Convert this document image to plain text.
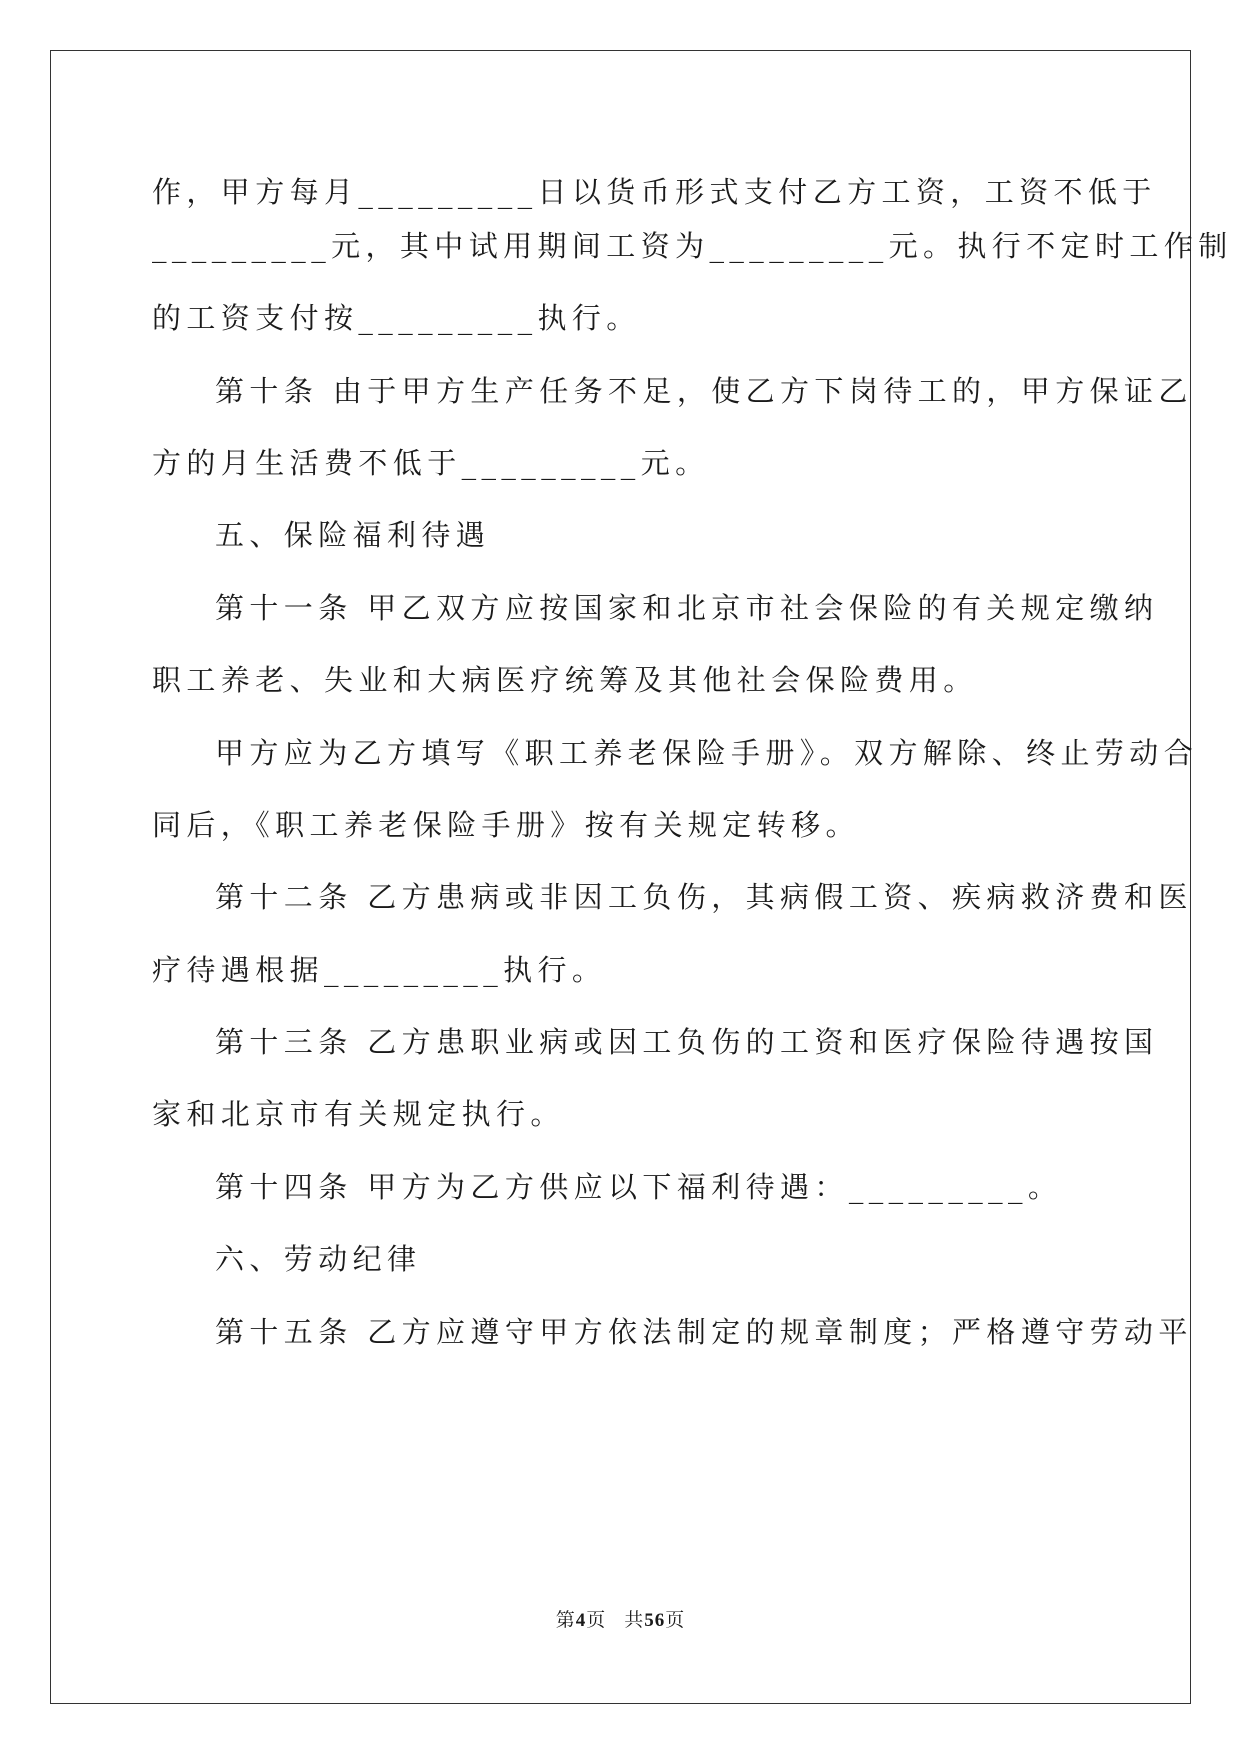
作，甲方每月_________日以货币形式支付乙方工资，工资不低于
_________元，其中试用期间工资为_________元。执行不定时工作制
的工资支付按_________执行。
第十条 由于甲方生产任务不足，使乙方下岗待工的，甲方保证乙
方的月生活费不低于_________元。
五、保险福利待遇
第十一条 甲乙双方应按国家和北京市社会保险的有关规定缴纳
职工养老、失业和大病医疗统筹及其他社会保险费用。
甲方应为乙方填写《职工养老保险手册》。双方解除、终止劳动合
同后，《职工养老保险手册》按有关规定转移。
第十二条 乙方患病或非因工负伤，其病假工资、疾病救济费和医
疗待遇根据_________执行。
第十三条 乙方患职业病或因工负伤的工资和医疗保险待遇按国
家和北京市有关规定执行。
第十四条 甲方为乙方供应以下福利待遇：_________。
六、劳动纪律
第十五条 乙方应遵守甲方依法制定的规章制度；严格遵守劳动平
第4页 共56页
